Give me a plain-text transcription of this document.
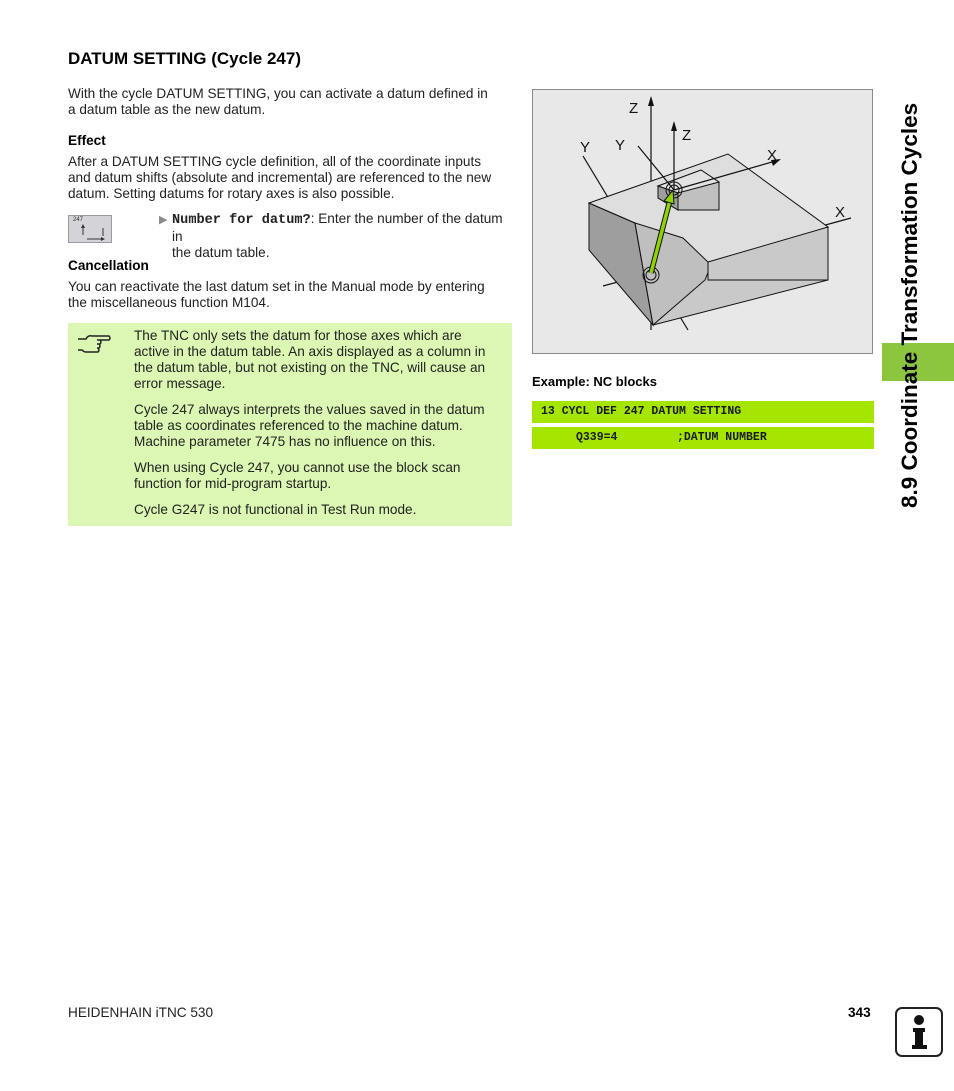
DATUM SETTING (Cycle 247)

With the cycle DATUM SETTING, you can activate a datum defined in

a datum table as the new datum.

Effect

After a DATUM SETTING cycle definition, all of the coordinate inputs

and datum shifts (absolute and incremental) are referenced to the new

datum. Setting datums for rotary axes is also possible.

247	▶ Number for datum?: Enter the number of the datum in

the datum table.

Cancellation

You can reactivate the last datum set in the Manual mode by entering

the miscellaneous function M104.

The TNC only sets the datum for those axes which are
active in the datum table. An axis displayed as a column in
the datum table, but not existing on the TNC, will cause an
error message.

Cycle 247 always interprets the values saved in the datum
table as coordinates referenced to the machine datum.
Machine parameter 7475 has no influence on this.

When using Cycle 247, you cannot use the block scan
function for mid-program startup.

Cycle G247 is not functional in Test Run mode.

Z
Y
X
Z
Y
X
Example: NC blocks
13 CYCL DEF 247 DATUM SETTING
Q339=4	;DATUM NUMBER	8.9 Coordinate Transformation Cycles
HEIDENHAIN iTNC 530	343
